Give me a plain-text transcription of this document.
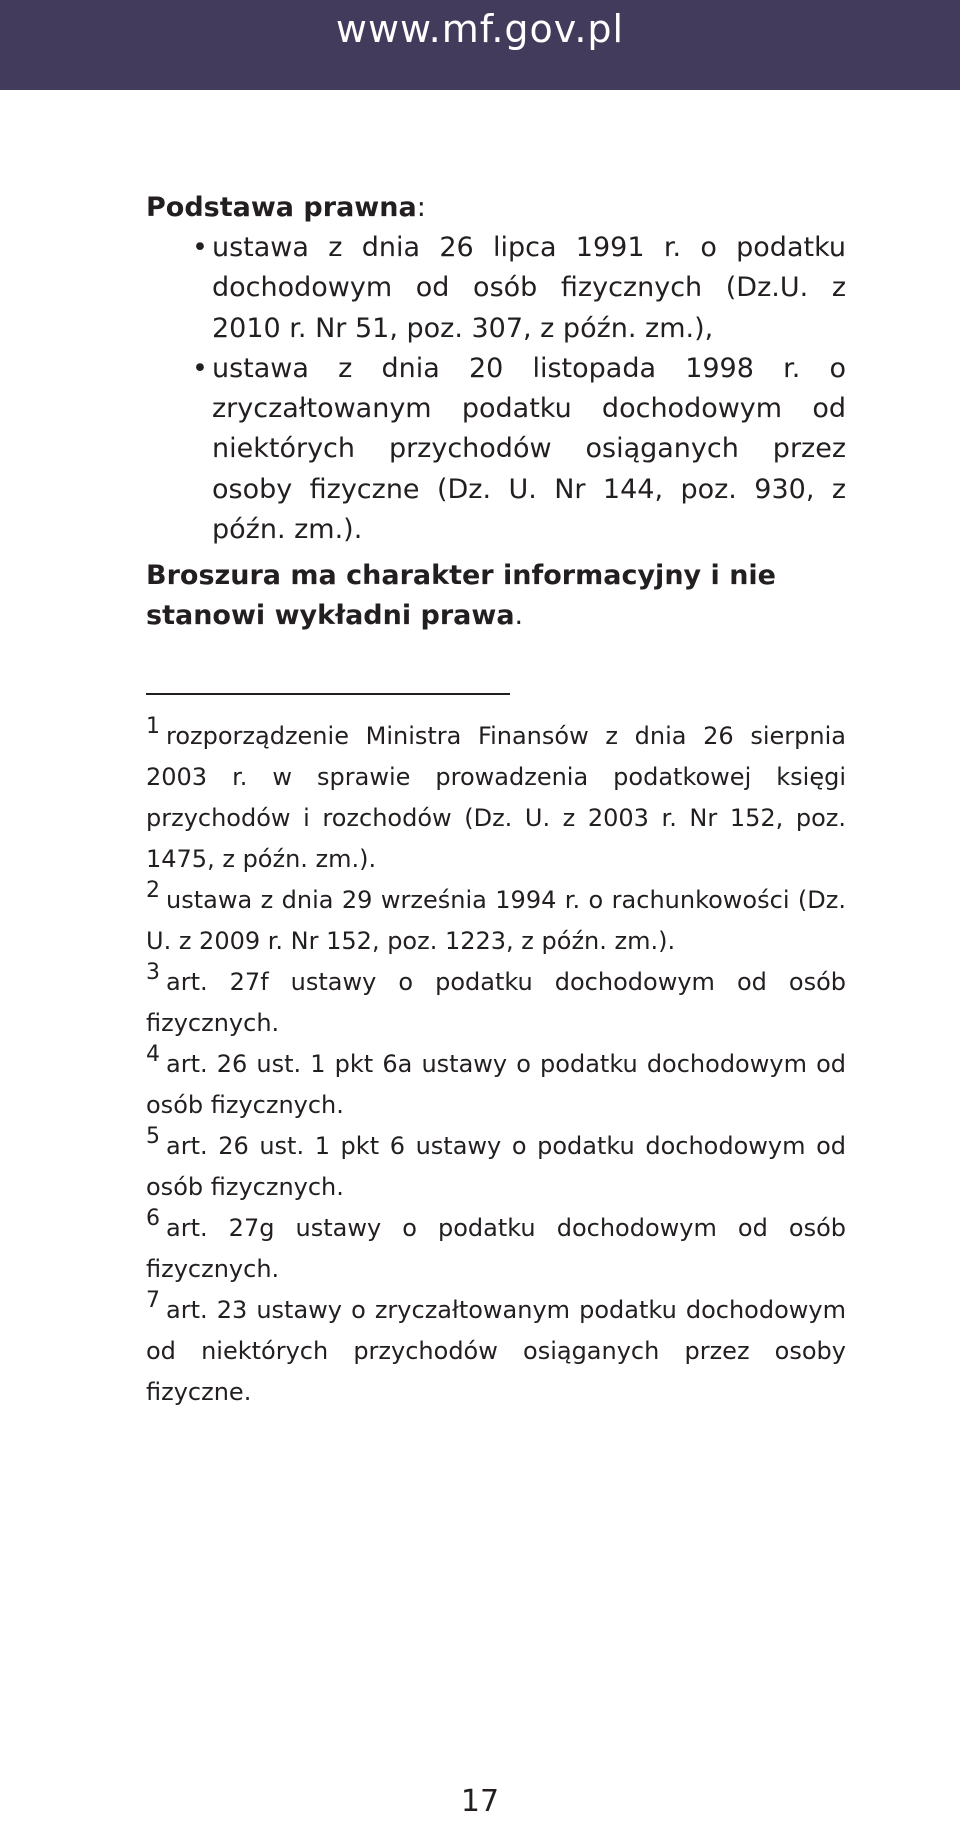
www.mf.gov.pl

Podstawa prawna:

• ustawa z dnia 26 lipca 1991 r. o podatku dochodowym od osób fizycznych (Dz.U. z 2010 r. Nr 51, poz. 307, z późn. zm.),
• ustawa z dnia 20 listopada 1998 r. o zryczałtowanym podatku dochodowym od niektórych przychodów osiąganych przez osoby fizyczne (Dz. U. Nr 144, poz. 930, z późn. zm.).
Broszura ma charakter informacyjny i nie stanowi wykładni prawa.
$^1$ rozporządzenie Ministra Finansów z dnia 26 sierpnia 2003 r. w sprawie prowadzenia podatkowej księgi przychodów i rozchodów (Dz. U. z 2003 r. Nr 152, poz. 1475, z późn. zm.).
$^2$ ustawa z dnia 29 września 1994 r. o rachunkowości (Dz. U. z 2009 r. Nr 152, poz. 1223, z późn. zm.).
$^3$ art. 27f ustawy o podatku dochodowym od osób fizycznych.
$^4$ art. 26 ust. 1 pkt 6a ustawy o podatku dochodowym od osób fizycznych.
$^5$ art. 26 ust. 1 pkt 6 ustawy o podatku dochodowym od osób fizycznych.
$^6$ art. 27g ustawy o podatku dochodowym od osób fizycznych.
$^7$ art. 23 ustawy o zryczałtowanym podatku dochodowym od niektórych przychodów osiąganych przez osoby fizyczne.
17
